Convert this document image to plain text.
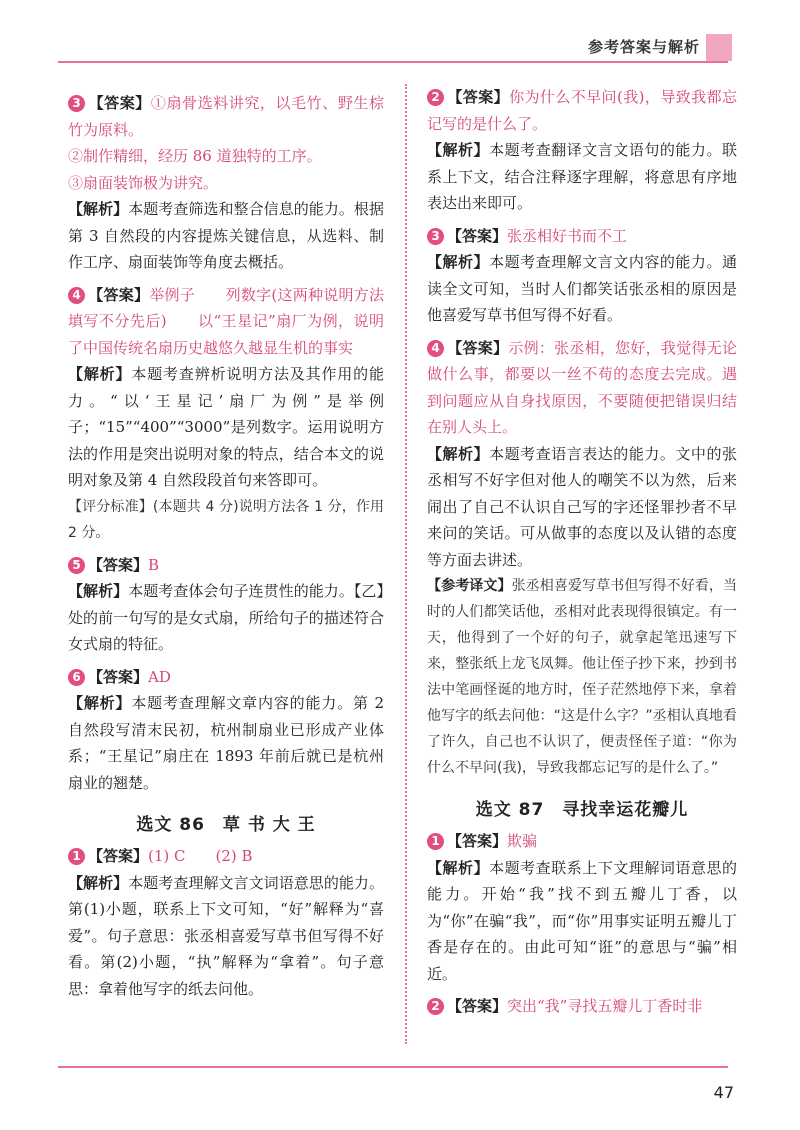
参考答案与解析

3 【答案】①扇骨选料讲究，以毛竹、野生棕竹为原料。

②制作精细，经历 86 道独特的工序。

③扇面装饰极为讲究。

【解析】本题考查筛选和整合信息的能力。根据第 3 自然段的内容提炼关键信息，从选料、制作工序、扇面装饰等角度去概括。

4 【答案】举例子　　列数字(这两种说明方法填写不分先后)　　以“王星记”扇厂为例，说明了中国传统名扇历史越悠久越显生机的事实

【解析】本题考查辨析说明方法及其作用的能力。“以‘王星记’扇厂为例”是举例子；“15”“400”“3000”是列数字。运用说明方法的作用是突出说明对象的特点，结合本文的说明对象及第 4 自然段段首句来答即可。

【评分标准】(本题共 4 分)说明方法各 1 分，作用 2 分。

5 【答案】B

【解析】本题考查体会句子连贯性的能力。【乙】处的前一句写的是女式扇，所给句子的描述符合女式扇的特征。

6 【答案】AD

【解析】本题考查理解文章内容的能力。第 2 自然段写清末民初，杭州制扇业已形成产业体系；“王星记”扇庄在 1893 年前后就已是杭州扇业的翘楚。

选文 86　草 书 大 王

1 【答案】(1) C　　(2) B

【解析】本题考查理解文言文词语意思的能力。第(1)小题，联系上下文可知，“好”解释为“喜爱”。句子意思：张丞相喜爱写草书但写得不好看。第(2)小题，“执”解释为“拿着”。句子意思：拿着他写字的纸去问他。

2 【答案】你为什么不早问(我)，导致我都忘记写的是什么了。

【解析】本题考查翻译文言文语句的能力。联系上下文，结合注释逐字理解，将意思有序地表达出来即可。

3 【答案】张丞相好书而不工

【解析】本题考查理解文言文内容的能力。通读全文可知，当时人们都笑话张丞相的原因是他喜爱写草书但写得不好看。

4 【答案】示例：张丞相，您好，我觉得无论做什么事，都要以一丝不苟的态度去完成。遇到问题应从自身找原因，不要随便把错误归结在别人头上。

【解析】本题考查语言表达的能力。文中的张丞相写不好字但对他人的嘲笑不以为然，后来闹出了自己不认识自己写的字还怪罪抄者不早来问的笑话。可从做事的态度以及认错的态度等方面去讲述。

【参考译文】张丞相喜爱写草书但写得不好看，当时的人们都笑话他，丞相对此表现得很镇定。有一天，他得到了一个好的句子，就拿起笔迅速写下来，整张纸上龙飞凤舞。他让侄子抄下来，抄到书法中笔画怪诞的地方时，侄子茫然地停下来，拿着他写字的纸去问他：“这是什么字？”丞相认真地看了许久，自己也不认识了，便责怪侄子道：“你为什么不早问(我)，导致我都忘记写的是什么了。”

选文 87　寻找幸运花瓣儿

1 【答案】欺骗

【解析】本题考查联系上下文理解词语意思的能力。开始“我”找不到五瓣儿丁香，以为“你”在骗“我”，而“你”用事实证明五瓣儿丁香是存在的。由此可知“诳”的意思与“骗”相近。

2 【答案】突出“我”寻找五瓣儿丁香时非

47
